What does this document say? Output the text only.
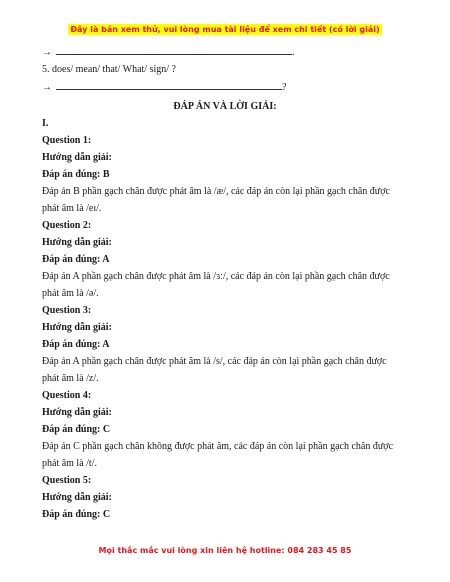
Đây là bản xem thử, vui lòng mua tài liệu để xem chi tiết (có lời giải)

→	.

5. does/ mean/ that/ What/ sign/ ?

→	?

ĐÁP ÁN VÀ LỜI GIẢI:

I.

Question 1:

Hướng dẫn giải:

Đáp án đúng: B

Đáp án B phần gạch chân được phát âm là /æ/, các đáp án còn lại phần gạch chân được

phát âm là /eɪ/.

Question 2:

Hướng dẫn giải:

Đáp án đúng: A

Đáp án A phần gạch chân được phát âm là /ɜː/, các đáp án còn lại phần gạch chân được

phát âm là /ə/.

Question 3:

Hướng dẫn giải:

Đáp án đúng: A

Đáp án A phần gạch chân được phát âm là /s/, các đáp án còn lại phần gạch chân được

phát âm là /z/.

Question 4:

Hướng dẫn giải:

Đáp án đúng: C

Đáp án C phần gạch chân không được phát âm, các đáp án còn lại phần gạch chân được

phát âm là /t/.

Question 5:

Hướng dẫn giải:

Đáp án đúng: C

Mọi thắc mắc vui lòng xin liên hệ hotline: 084 283 45 85
